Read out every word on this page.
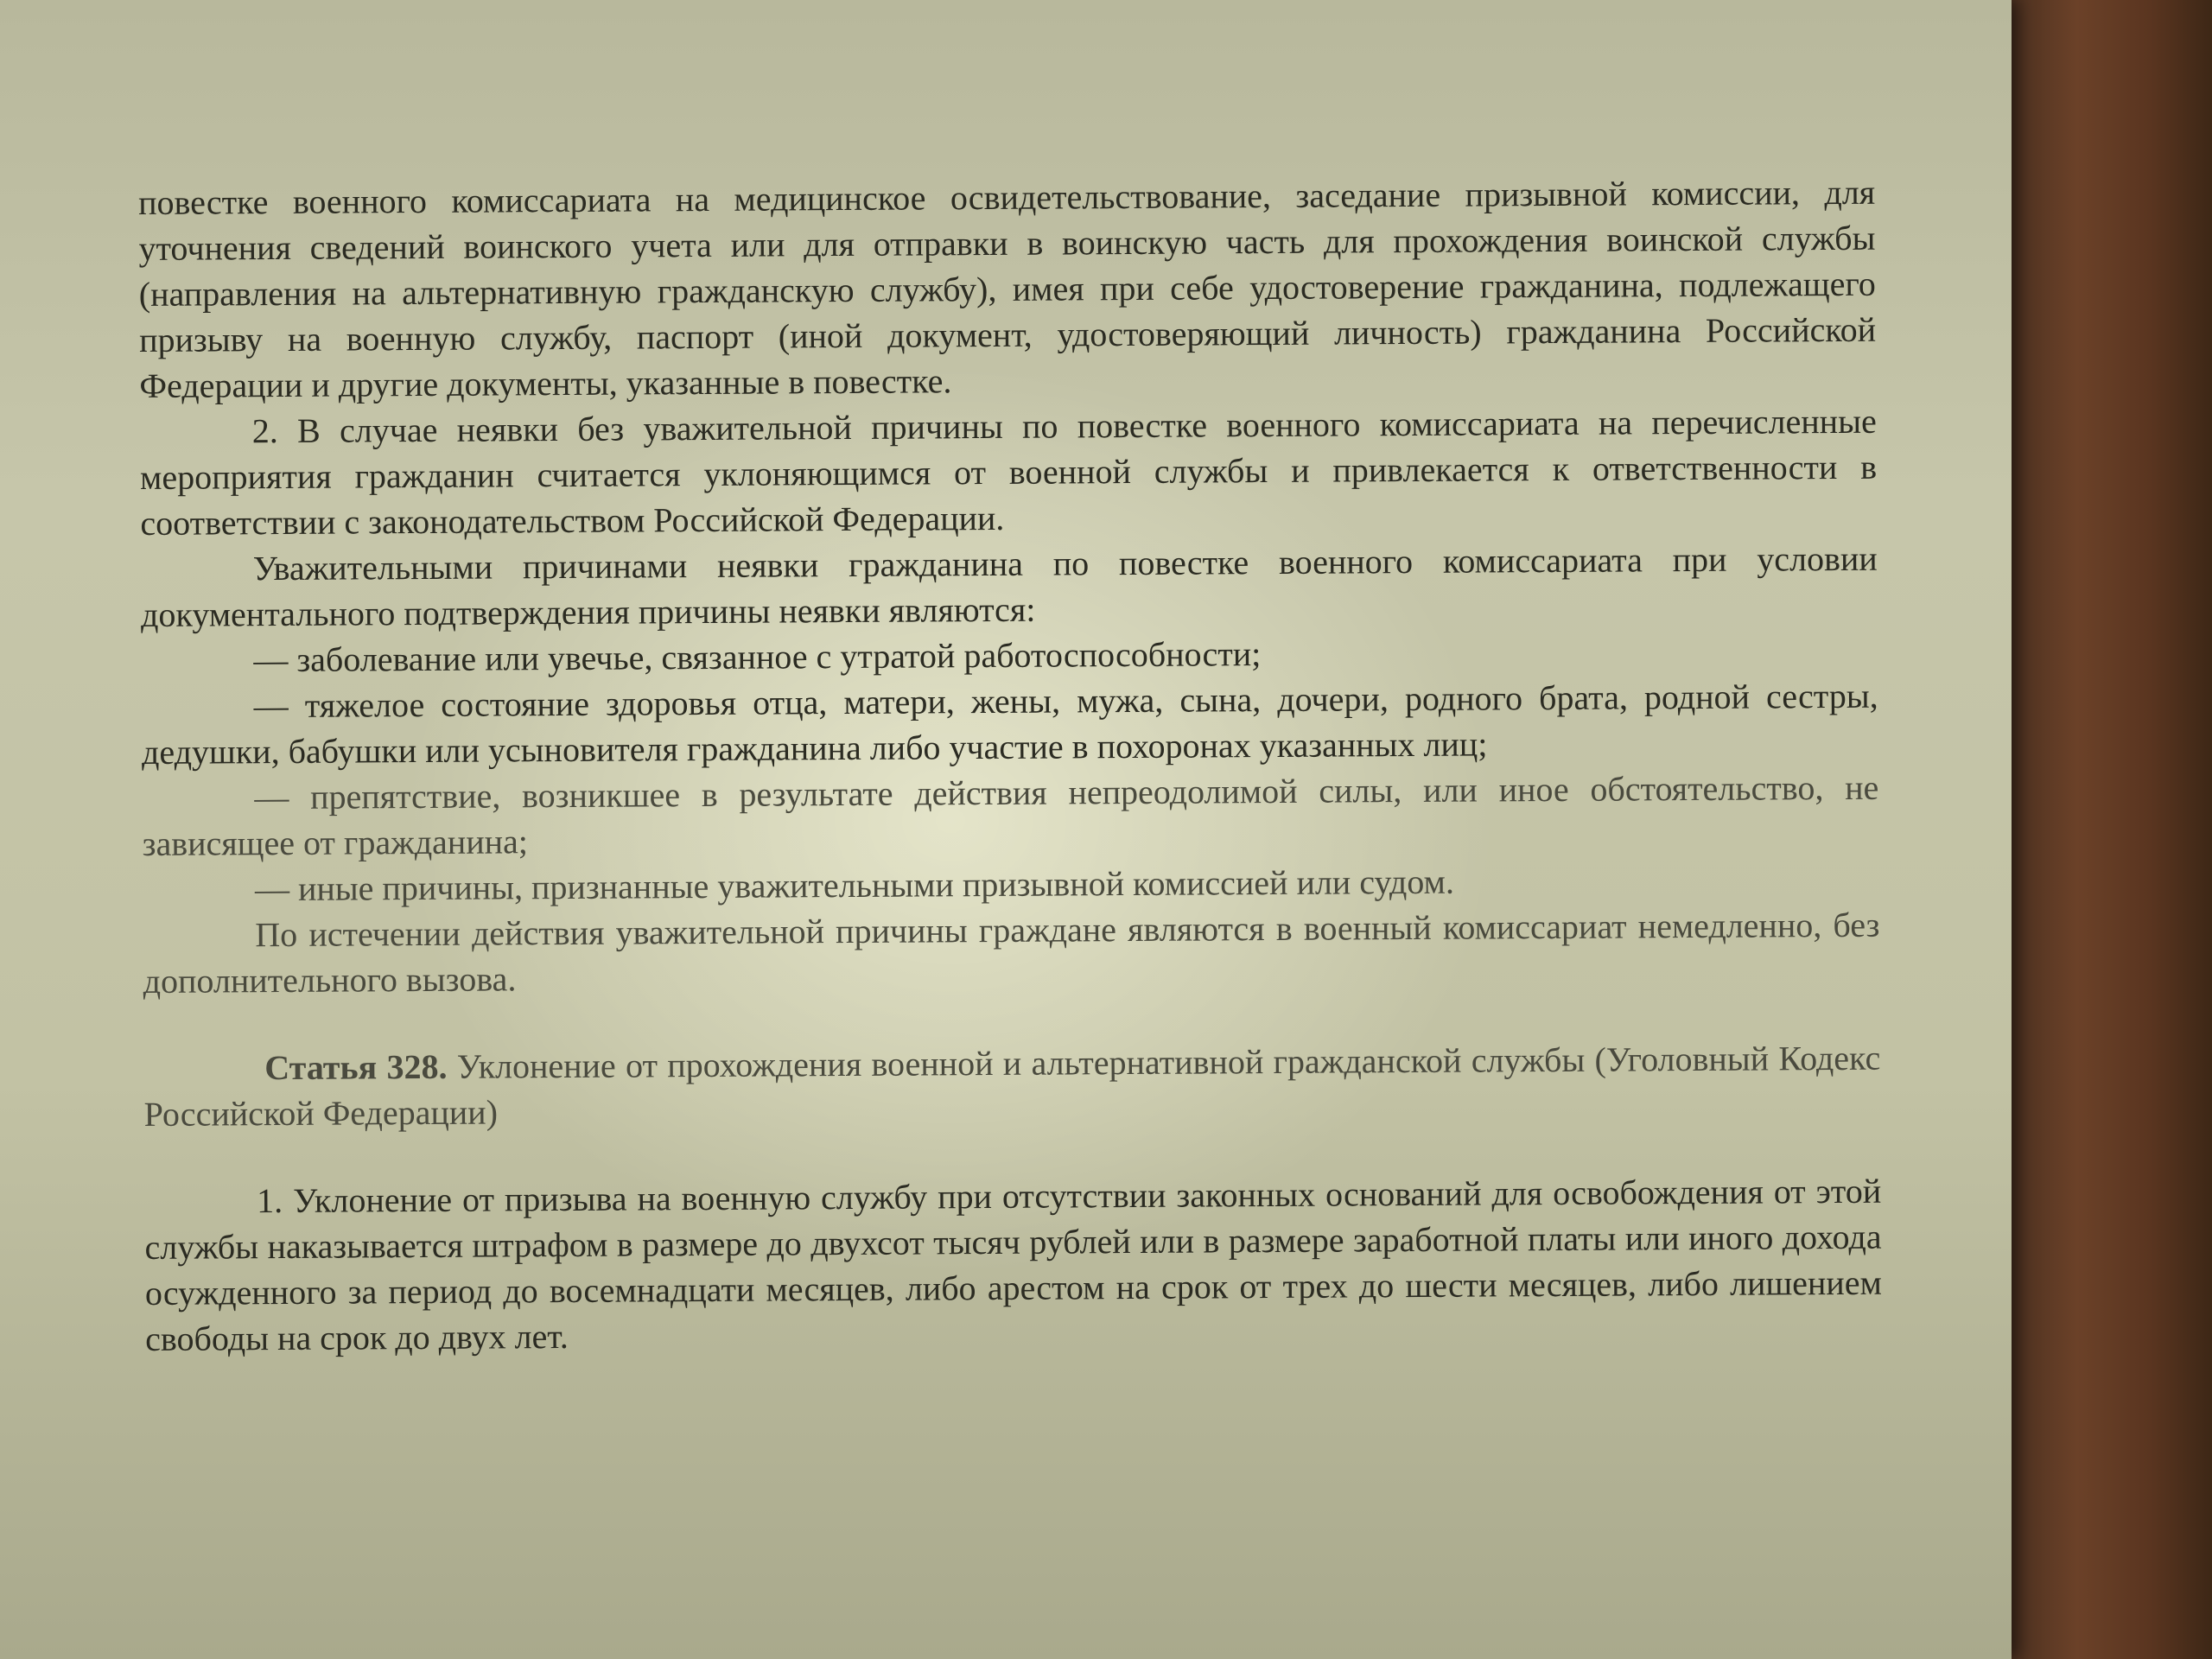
повестке военного комиссариата на медицинское освидетельствование, заседание призывной комиссии, для уточнения сведений воинского учета или для отправки в воинскую часть для прохождения воинской службы (направления на альтернативную гражданскую службу), имея при себе удостоверение гражданина, подлежащего призыву на военную службу, паспорт (иной документ, удостоверяющий личность) гражданина Российской Федерации и другие документы, указанные в повестке.

2. В случае неявки без уважительной причины по повестке военного комиссариата на перечисленные мероприятия гражданин считается уклоняющимся от военной службы и привлекается к ответственности в соответствии с законодательством Российской Федерации.

Уважительными причинами неявки гражданина по повестке военного комиссариата при условии документального подтверждения причины неявки являются:

— заболевание или увечье, связанное с утратой работоспособности;

— тяжелое состояние здоровья отца, матери, жены, мужа, сына, дочери, родного брата, родной сестры, дедушки, бабушки или усыновителя гражданина либо участие в похоронах указанных лиц;

— препятствие, возникшее в результате действия непреодолимой силы, или иное обстоятельство, не зависящее от гражданина;

— иные причины, признанные уважительными призывной комиссией или судом.

По истечении действия уважительной причины граждане являются в военный комиссариат немедленно, без дополнительного вызова.

Статья 328. Уклонение от прохождения военной и альтернативной гражданской службы (Уголовный Кодекс Российской Федерации)

1. Уклонение от призыва на военную службу при отсутствии законных оснований для освобождения от этой службы наказывается штрафом в размере до двухсот тысяч рублей или в размере заработной платы или иного дохода осужденного за период до восемнадцати месяцев, либо арестом на срок от трех до шести месяцев, либо лишением свободы на срок до двух лет.
